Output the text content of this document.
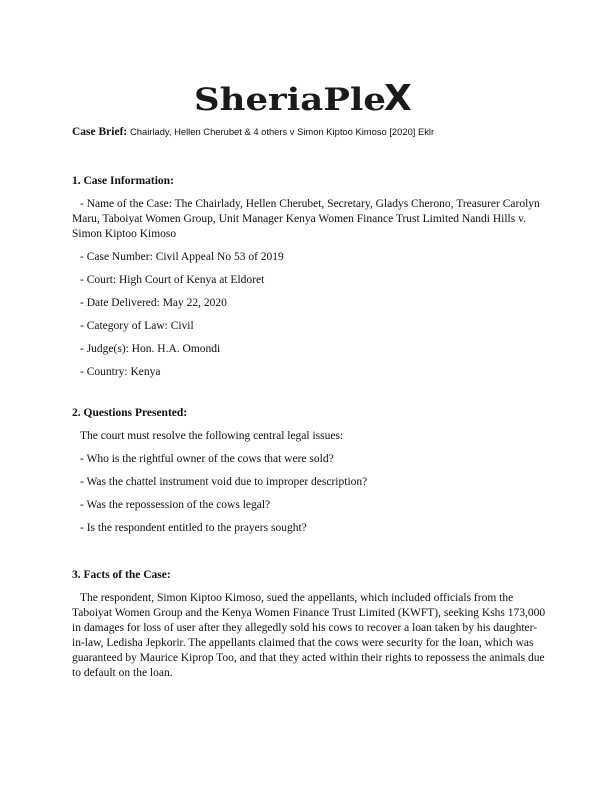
SheriaPle
X
Case Brief: Chairlady, Hellen Cherubet & 4 others v Simon Kiptoo Kimoso [2020] Eklr

1. Case Information:

- Name of the Case: The Chairlady, Hellen Cherubet, Secretary, Gladys Cherono, Treasurer Carolyn Maru, Taboiyat Women Group, Unit Manager Kenya Women Finance Trust Limited Nandi Hills v. Simon Kiptoo Kimoso

- Case Number: Civil Appeal No 53 of 2019

- Court: High Court of Kenya at Eldoret

- Date Delivered: May 22, 2020

- Category of Law: Civil

- Judge(s): Hon. H.A. Omondi

- Country: Kenya

2. Questions Presented:

The court must resolve the following central legal issues:

- Who is the rightful owner of the cows that were sold?

- Was the chattel instrument void due to improper description?

- Was the repossession of the cows legal?

- Is the respondent entitled to the prayers sought?

3. Facts of the Case:

The respondent, Simon Kiptoo Kimoso, sued the appellants, which included officials from the Taboiyat Women Group and the Kenya Women Finance Trust Limited (KWFT), seeking Kshs 173,000 in damages for loss of user after they allegedly sold his cows to recover a loan taken by his daughter-in-law, Ledisha Jepkorir. The appellants claimed that the cows were security for the loan, which was guaranteed by Maurice Kiprop Too, and that they acted within their rights to repossess the animals due to default on the loan.
